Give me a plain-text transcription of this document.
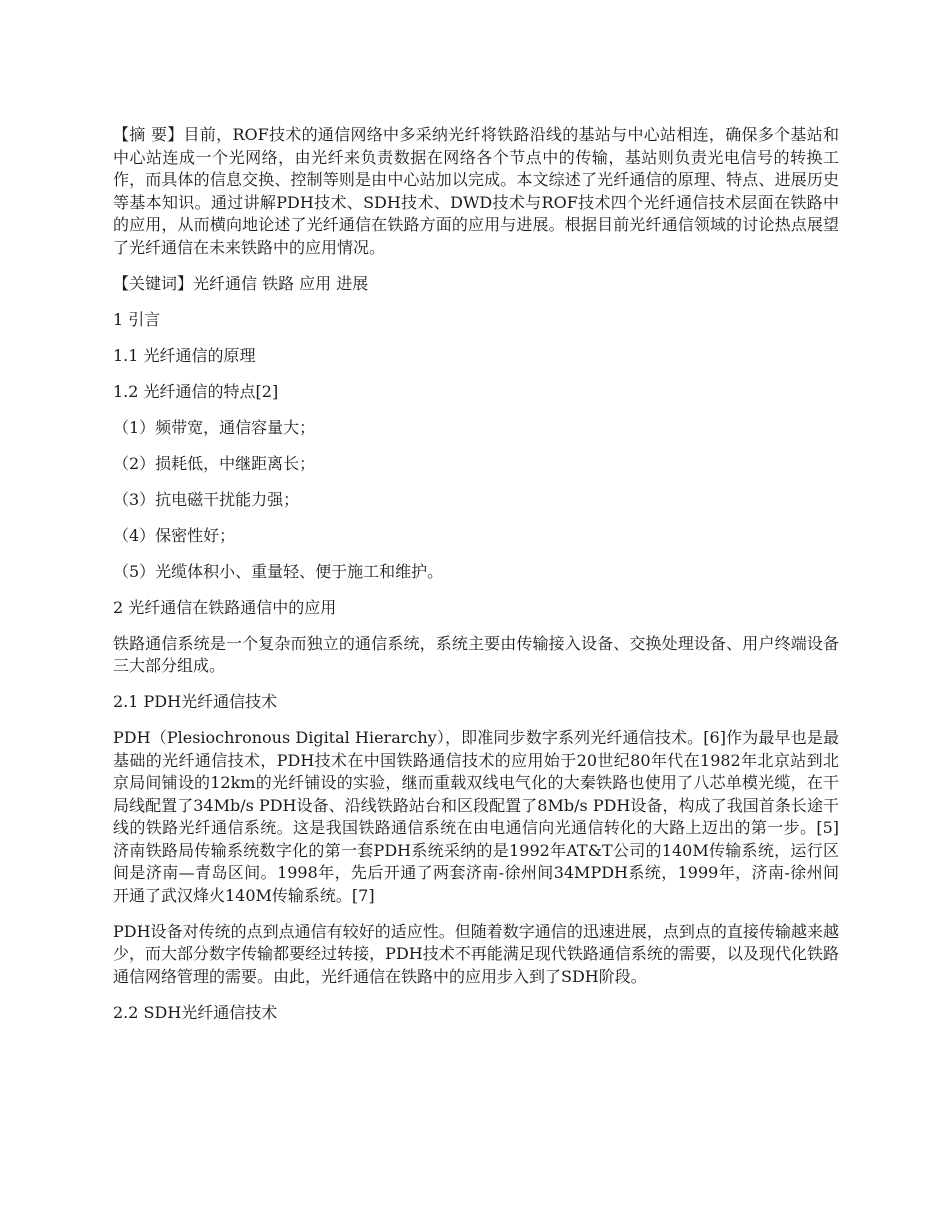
【摘 要】目前，ROF技术的通信网络中多采纳光纤将铁路沿线的基站与中心站相连，确保多个基站和中心站连成一个光网络，由光纤来负责数据在网络各个节点中的传输，基站则负责光电信号的转换工作，而具体的信息交换、控制等则是由中心站加以完成。本文综述了光纤通信的原理、特点、进展历史等基本知识。通过讲解PDH技术、SDH技术、DWD技术与ROF技术四个光纤通信技术层面在铁路中的应用，从而横向地论述了光纤通信在铁路方面的应用与进展。根据目前光纤通信领域的讨论热点展望了光纤通信在未来铁路中的应用情况。

【关键词】光纤通信 铁路 应用 进展

1 引言

1.1 光纤通信的原理

1.2 光纤通信的特点[2]

（1）频带宽，通信容量大；

（2）损耗低，中继距离长；

（3）抗电磁干扰能力强；

（4）保密性好；

（5）光缆体积小、重量轻、便于施工和维护。

2 光纤通信在铁路通信中的应用

铁路通信系统是一个复杂而独立的通信系统，系统主要由传输接入设备、交换处理设备、用户终端设备三大部分组成。

2.1 PDH光纤通信技术

PDH（Plesiochronous Digital Hierarchy），即准同步数字系列光纤通信技术。[6]作为最早也是最基础的光纤通信技术，PDH技术在中国铁路通信技术的应用始于20世纪80年代在1982年北京站到北京局间铺设的12km的光纤铺设的实验，继而重载双线电气化的大秦铁路也使用了八芯单模光缆，在干局线配置了34Mb/s PDH设备、沿线铁路站台和区段配置了8Mb/s PDH设备，构成了我国首条长途干线的铁路光纤通信系统。这是我国铁路通信系统在由电通信向光通信转化的大路上迈出的第一步。[5]济南铁路局传输系统数字化的第一套PDH系统采纳的是1992年AT&T公司的140M传输系统，运行区间是济南—青岛区间。1998年，先后开通了两套济南-徐州间34MPDH系统，1999年，济南-徐州间开通了武汉烽火140M传输系统。[7]

PDH设备对传统的点到点通信有较好的适应性。但随着数字通信的迅速进展，点到点的直接传输越来越少，而大部分数字传输都要经过转接，PDH技术不再能满足现代铁路通信系统的需要，以及现代化铁路通信网络管理的需要。由此，光纤通信在铁路中的应用步入到了SDH阶段。

2.2 SDH光纤通信技术
